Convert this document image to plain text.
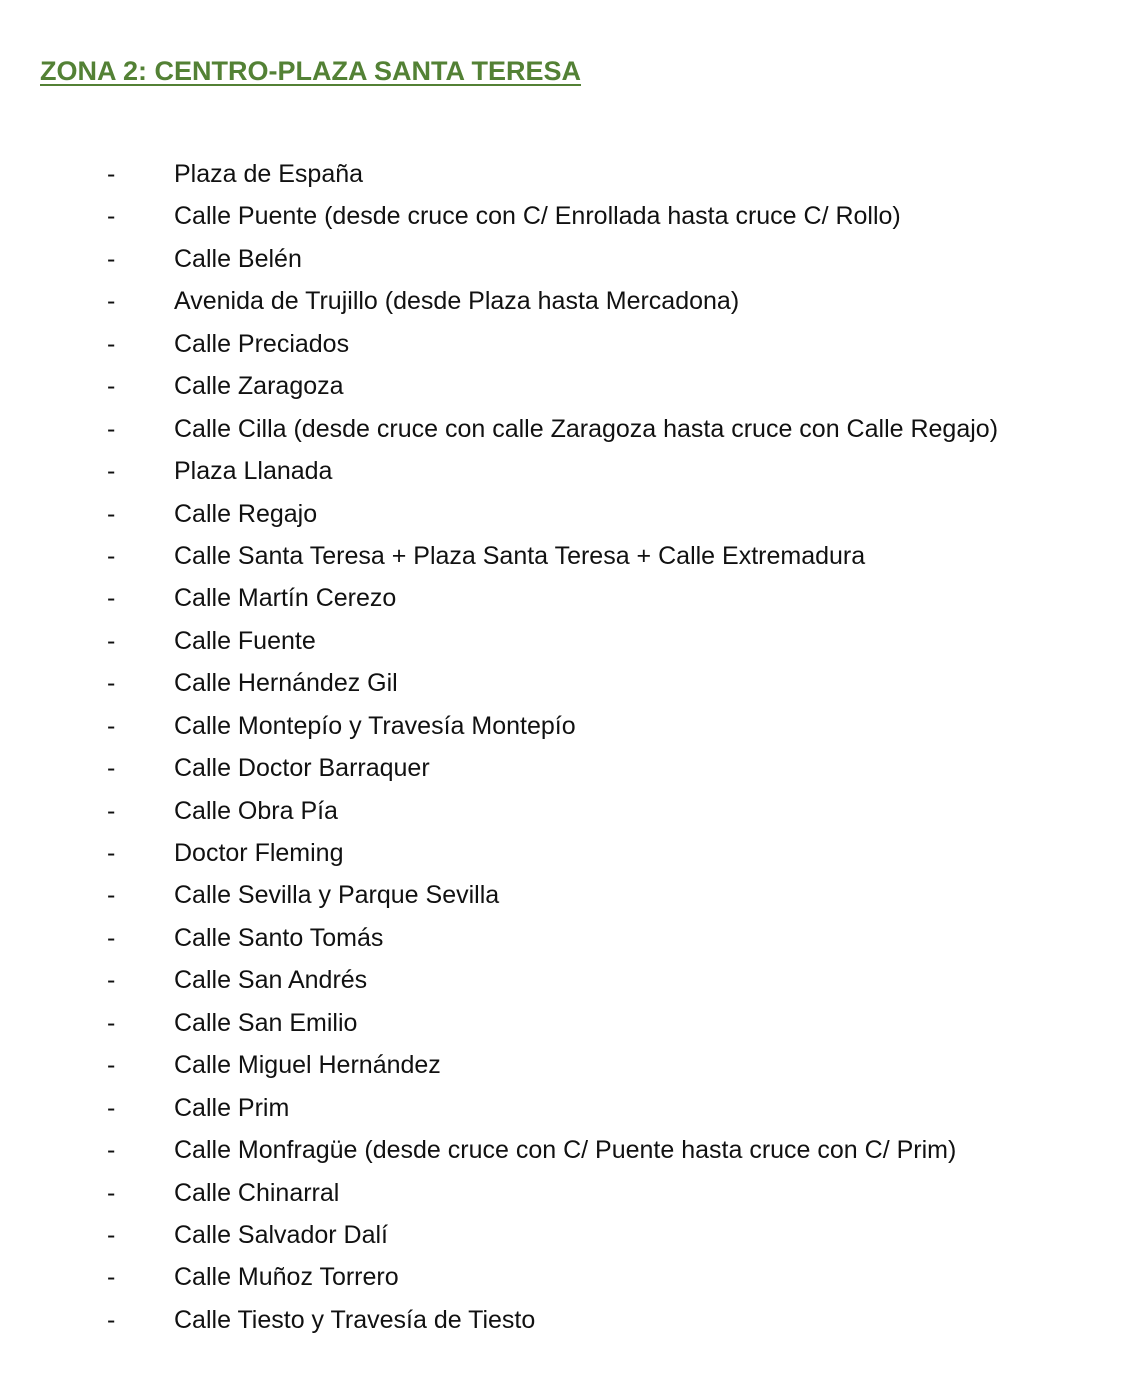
ZONA 2: CENTRO-PLAZA SANTA TERESA
- Plaza de España
- Calle Puente (desde cruce con C/ Enrollada hasta cruce C/ Rollo)
- Calle Belén
- Avenida de Trujillo (desde Plaza hasta Mercadona)
- Calle Preciados
- Calle Zaragoza
- Calle Cilla (desde cruce con calle Zaragoza hasta cruce con Calle Regajo)
- Plaza Llanada
- Calle Regajo
- Calle Santa Teresa + Plaza Santa Teresa + Calle Extremadura
- Calle Martín Cerezo
- Calle Fuente
- Calle Hernández Gil
- Calle Montepío y Travesía Montepío
- Calle Doctor Barraquer
- Calle Obra Pía
- Doctor Fleming
- Calle Sevilla y Parque Sevilla
- Calle Santo Tomás
- Calle San Andrés
- Calle San Emilio
- Calle Miguel Hernández
- Calle Prim
- Calle Monfragüe (desde cruce con C/ Puente hasta cruce con C/ Prim)
- Calle Chinarral
- Calle Salvador Dalí
- Calle Muñoz Torrero
- Calle Tiesto y Travesía de Tiesto
